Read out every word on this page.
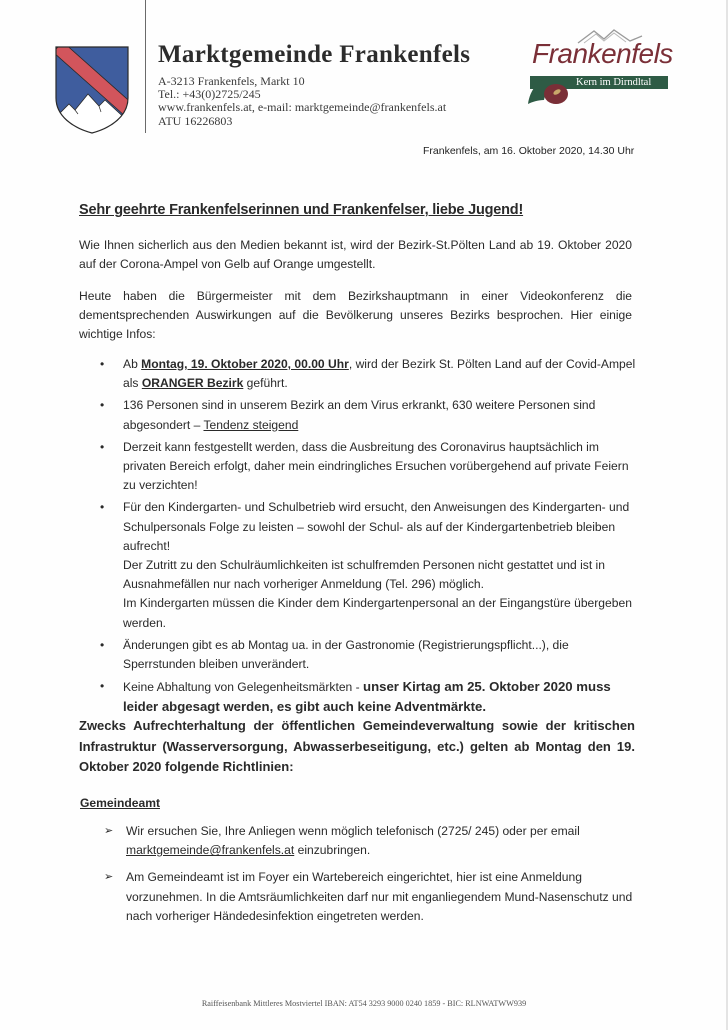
Marktgemeinde Frankenfels
A-3213 Frankenfels, Markt 10
Tel.: +43(0)2725/245
www.frankenfels.at, e-mail: marktgemeinde@frankenfels.at
ATU 16226803
Frankenfels
Kern im Dirndltal
Frankenfels, am 16. Oktober 2020, 14.30 Uhr
Sehr geehrte Frankenfelserinnen und Frankenfelser, liebe Jugend!

Wie Ihnen sicherlich aus den Medien bekannt ist, wird der Bezirk-St.Pölten Land ab 19. Oktober 2020 auf der Corona-Ampel von Gelb auf Orange umgestellt.

Heute haben die Bürgermeister mit dem Bezirkshauptmann in einer Videokonferenz die dementsprechenden Auswirkungen auf die Bevölkerung unseres Bezirks besprochen. Hier einige wichtige Infos:

• Ab Montag, 19. Oktober 2020, 00.00 Uhr, wird der Bezirk St. Pölten Land auf der Covid-Ampel als ORANGER Bezirk geführt.
• 136 Personen sind in unserem Bezirk an dem Virus erkrankt, 630 weitere Personen sind abgesondert – Tendenz steigend
• Derzeit kann festgestellt werden, dass die Ausbreitung des Coronavirus hauptsächlich im privaten Bereich erfolgt, daher mein eindringliches Ersuchen vorübergehend auf private Feiern zu verzichten!
• Für den Kindergarten- und Schulbetrieb wird ersucht, den Anweisungen des Kindergarten- und Schulpersonals Folge zu leisten – sowohl der Schul- als auf der Kindergartenbetrieb bleiben aufrecht!
Der Zutritt zu den Schulräumlichkeiten ist schulfremden Personen nicht gestattet und ist in Ausnahmefällen nur nach vorheriger Anmeldung (Tel. 296) möglich.
Im Kindergarten müssen die Kinder dem Kindergartenpersonal an der Eingangstüre übergeben werden.
• Änderungen gibt es ab Montag ua. in der Gastronomie (Registrierungspflicht...), die Sperrstunden bleiben unverändert.
• Keine Abhaltung von Gelegenheitsmärkten - unser Kirtag am 25. Oktober 2020 muss leider abgesagt werden, es gibt auch keine Adventmärkte.

Zwecks Aufrechterhaltung der öffentlichen Gemeindeverwaltung sowie der kritischen Infrastruktur (Wasserversorgung, Abwasserbeseitigung, etc.) gelten ab Montag den 19. Oktober 2020 folgende Richtlinien:

Gemeindeamt
➢ Wir ersuchen Sie, Ihre Anliegen wenn möglich telefonisch (2725/ 245) oder per email marktgemeinde@frankenfels.at einzubringen.
➢ Am Gemeindeamt ist im Foyer ein Wartebereich eingerichtet, hier ist eine Anmeldung vorzunehmen. In die Amtsräumlichkeiten darf nur mit enganliegendem Mund-Nasenschutz und nach vorheriger Händedesinfektion eingetreten werden.
Raiffeisenbank Mittleres Mostviertel IBAN: AT54 3293 9000 0240 1859 - BIC: RLNWATWW939
